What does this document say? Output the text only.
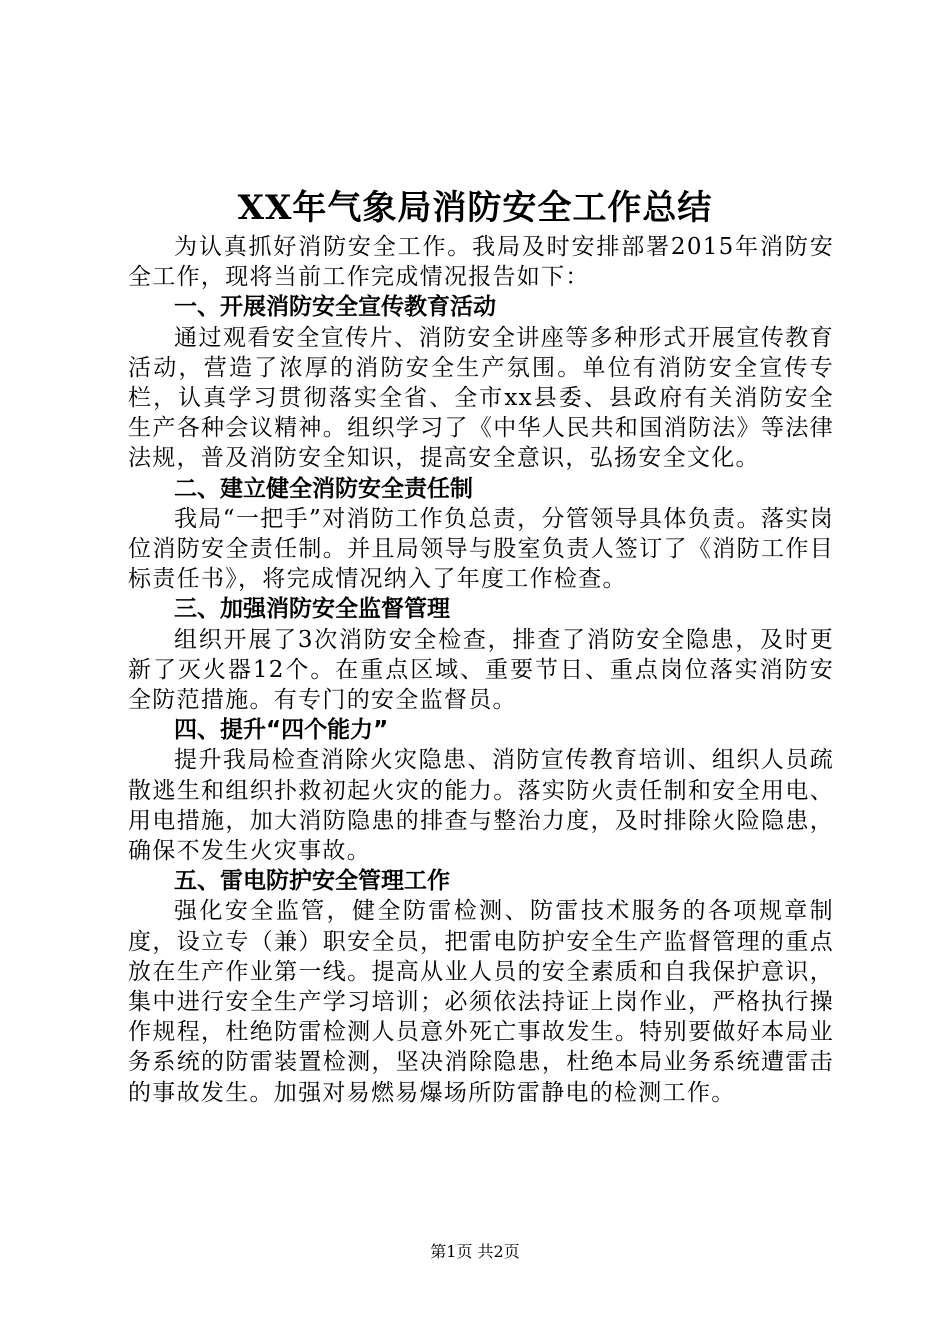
XX年气象局消防安全工作总结

为认真抓好消防安全工作。我局及时安排部署2015年消防安全工作，现将当前工作完成情况报告如下：

一、开展消防安全宣传教育活动

通过观看安全宣传片、消防安全讲座等多种形式开展宣传教育活动，营造了浓厚的消防安全生产氛围。单位有消防安全宣传专栏，认真学习贯彻落实全省、全市xx县委、县政府有关消防安全生产各种会议精神。组织学习了《中华人民共和国消防法》等法律法规，普及消防安全知识，提高安全意识，弘扬安全文化。

二、建立健全消防安全责任制

我局“一把手”对消防工作负总责，分管领导具体负责。落实岗位消防安全责任制。并且局领导与股室负责人签订了《消防工作目标责任书》，将完成情况纳入了年度工作检查。

三、加强消防安全监督管理

组织开展了3次消防安全检查，排查了消防安全隐患，及时更新了灭火器12个。在重点区域、重要节日、重点岗位落实消防安全防范措施。有专门的安全监督员。

四、提升“四个能力”

提升我局检查消除火灾隐患、消防宣传教育培训、组织人员疏散逃生和组织扑救初起火灾的能力。落实防火责任制和安全用电、用电措施，加大消防隐患的排查与整治力度，及时排除火险隐患，确保不发生火灾事故。

五、雷电防护安全管理工作

强化安全监管，健全防雷检测、防雷技术服务的各项规章制度，设立专（兼）职安全员，把雷电防护安全生产监督管理的重点放在生产作业第一线。提高从业人员的安全素质和自我保护意识，集中进行安全生产学习培训；必须依法持证上岗作业，严格执行操作规程，杜绝防雷检测人员意外死亡事故发生。特别要做好本局业务系统的防雷装置检测，坚决消除隐患，杜绝本局业务系统遭雷击的事故发生。加强对易燃易爆场所防雷静电的检测工作。

第1页 共2页
